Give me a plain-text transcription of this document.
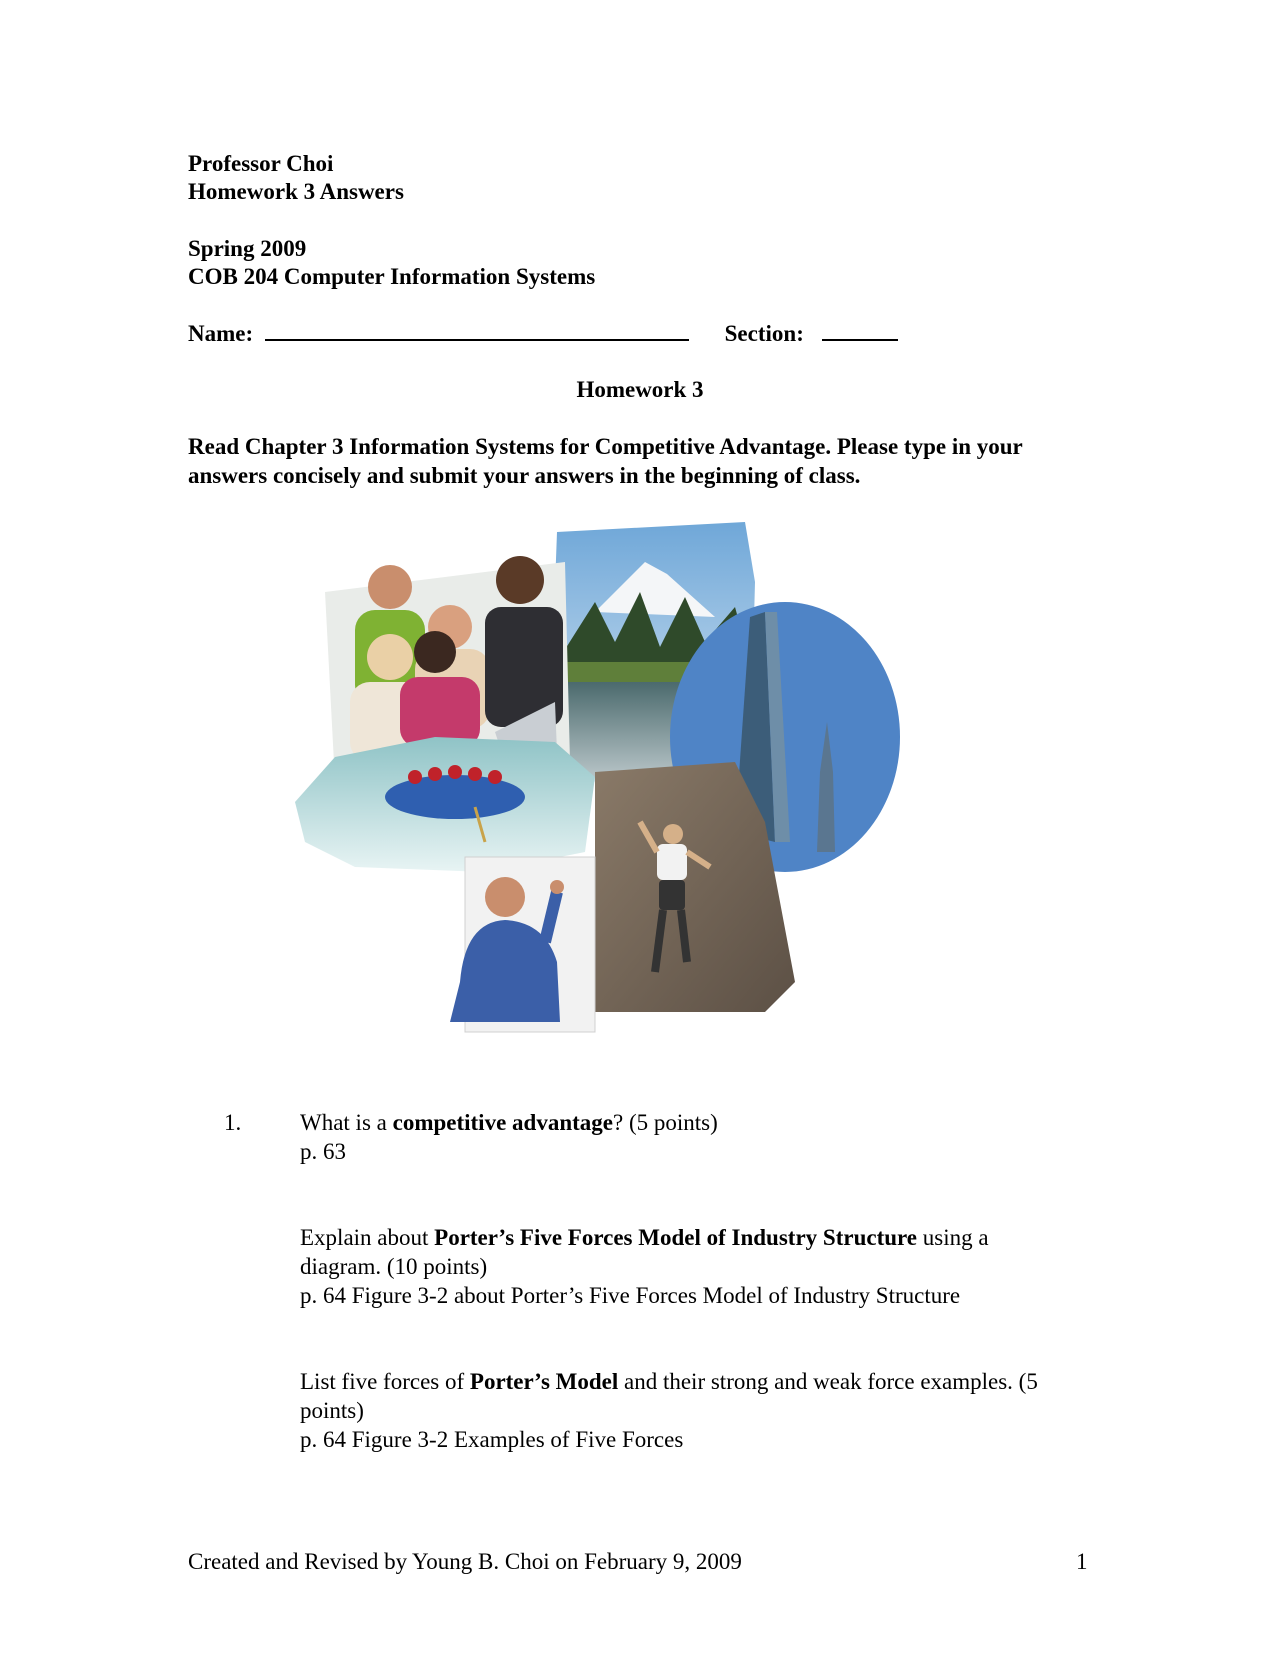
Professor Choi
Homework 3 Answers
Spring 2009
COB 204 Computer Information Systems
Name:	Section:
Homework 3
Read Chapter 3 Information Systems for Competitive Advantage. Please type in your answers concisely and submit your answers in the beginning of class.
1.	What is a competitive advantage? (5 points)
p. 63
Explain about Porter’s Five Forces Model of Industry Structure using a diagram. (10 points)
p. 64 Figure 3-2 about Porter’s Five Forces Model of Industry Structure
List five forces of Porter’s Model and their strong and weak force examples. (5 points)
p. 64 Figure 3-2 Examples of Five Forces
Created and Revised by Young B. Choi on February 9, 2009	1
